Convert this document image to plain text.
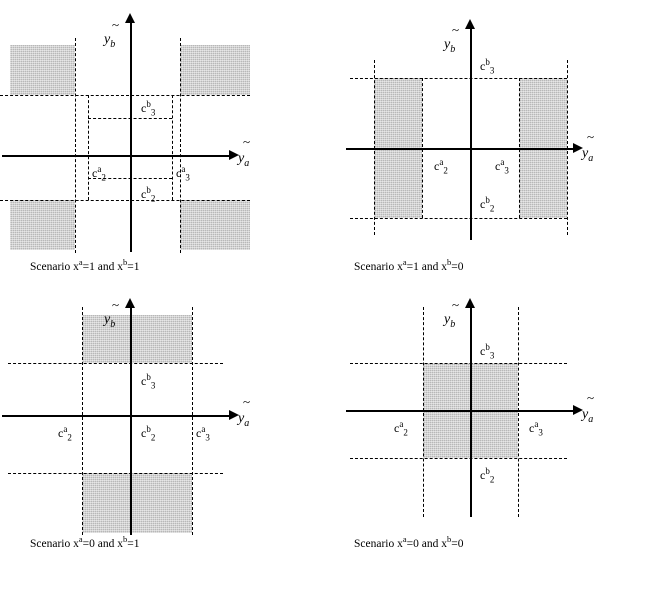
~
$y_a$
~
$y_b$
$c^b_3$
$c^b_2$
$c^a_2$	$c^a_3$
Scenario $x^a=1$ and $x^b=1$
~
$y_a$
~
$y_b$
$c^b_3$
$c^b_2$
$c^a_2$	$c^a_3$
Scenario $x^a=1$ and $x^b=0$
~
$y_a$
~
$y_b$
$c^b_3$
$c^b_2$
$c^a_2$	$c^a_3$
Scenario $x^a=0$ and $x^b=1$
~
$y_a$
~
$y_b$
$c^b_3$
$c^b_2$
$c^a_2$	$c^a_3$
Scenario $x^a=0$ and $x^b=0$
